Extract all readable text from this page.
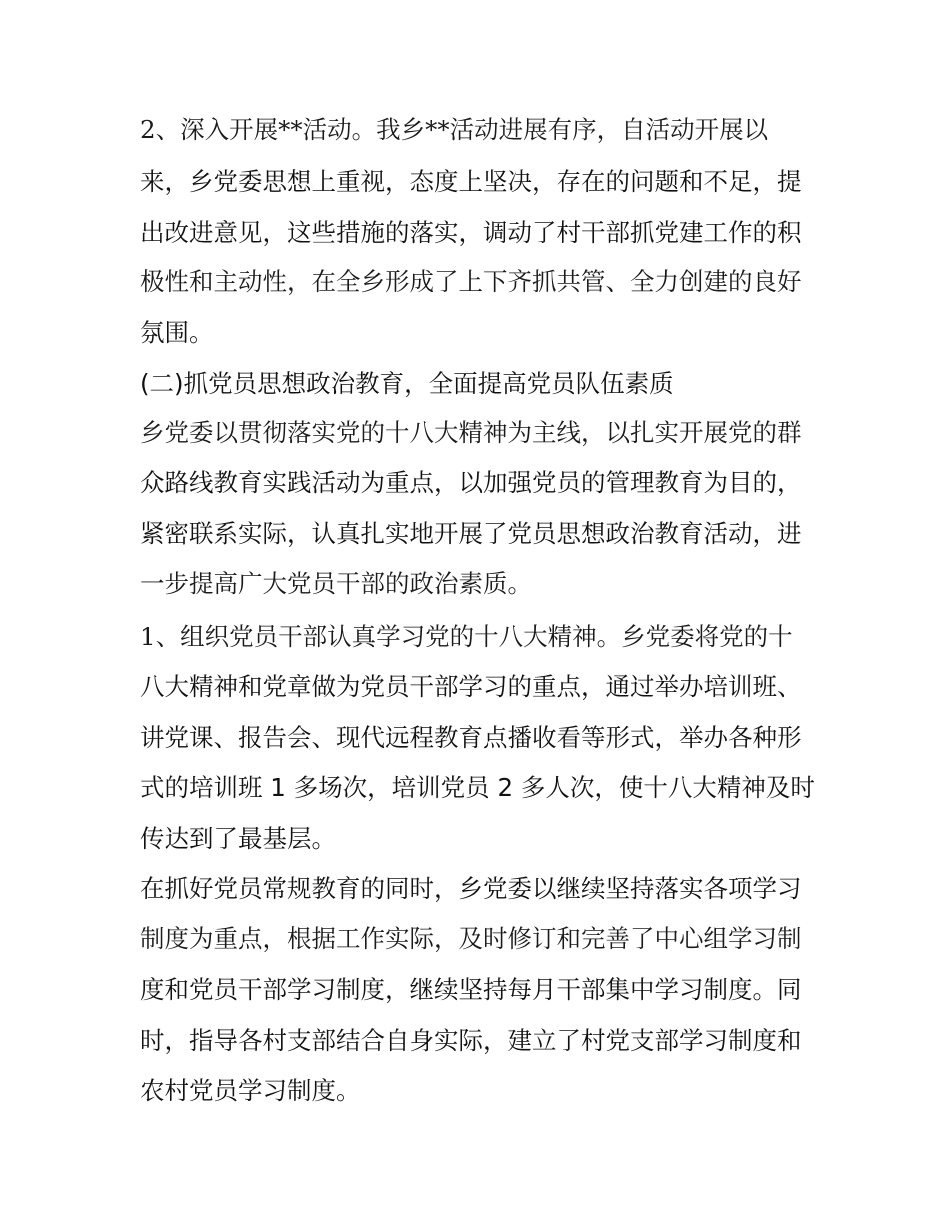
2、深入开展**活动。我乡**活动进展有序，自活动开展以
来，乡党委思想上重视，态度上坚决，存在的问题和不足，提
出改进意见，这些措施的落实，调动了村干部抓党建工作的积
极性和主动性，在全乡形成了上下齐抓共管、全力创建的良好
氛围。
(二)抓党员思想政治教育，全面提高党员队伍素质
乡党委以贯彻落实党的十八大精神为主线，以扎实开展党的群
众路线教育实践活动为重点，以加强党员的管理教育为目的，
紧密联系实际，认真扎实地开展了党员思想政治教育活动，进
一步提高广大党员干部的政治素质。
1、组织党员干部认真学习党的十八大精神。乡党委将党的十
八大精神和党章做为党员干部学习的重点，通过举办培训班、
讲党课、报告会、现代远程教育点播收看等形式，举办各种形
式的培训班 1 多场次，培训党员 2 多人次，使十八大精神及时
传达到了最基层。
在抓好党员常规教育的同时，乡党委以继续坚持落实各项学习
制度为重点，根据工作实际，及时修订和完善了中心组学习制
度和党员干部学习制度，继续坚持每月干部集中学习制度。同
时，指导各村支部结合自身实际，建立了村党支部学习制度和
农村党员学习制度。
